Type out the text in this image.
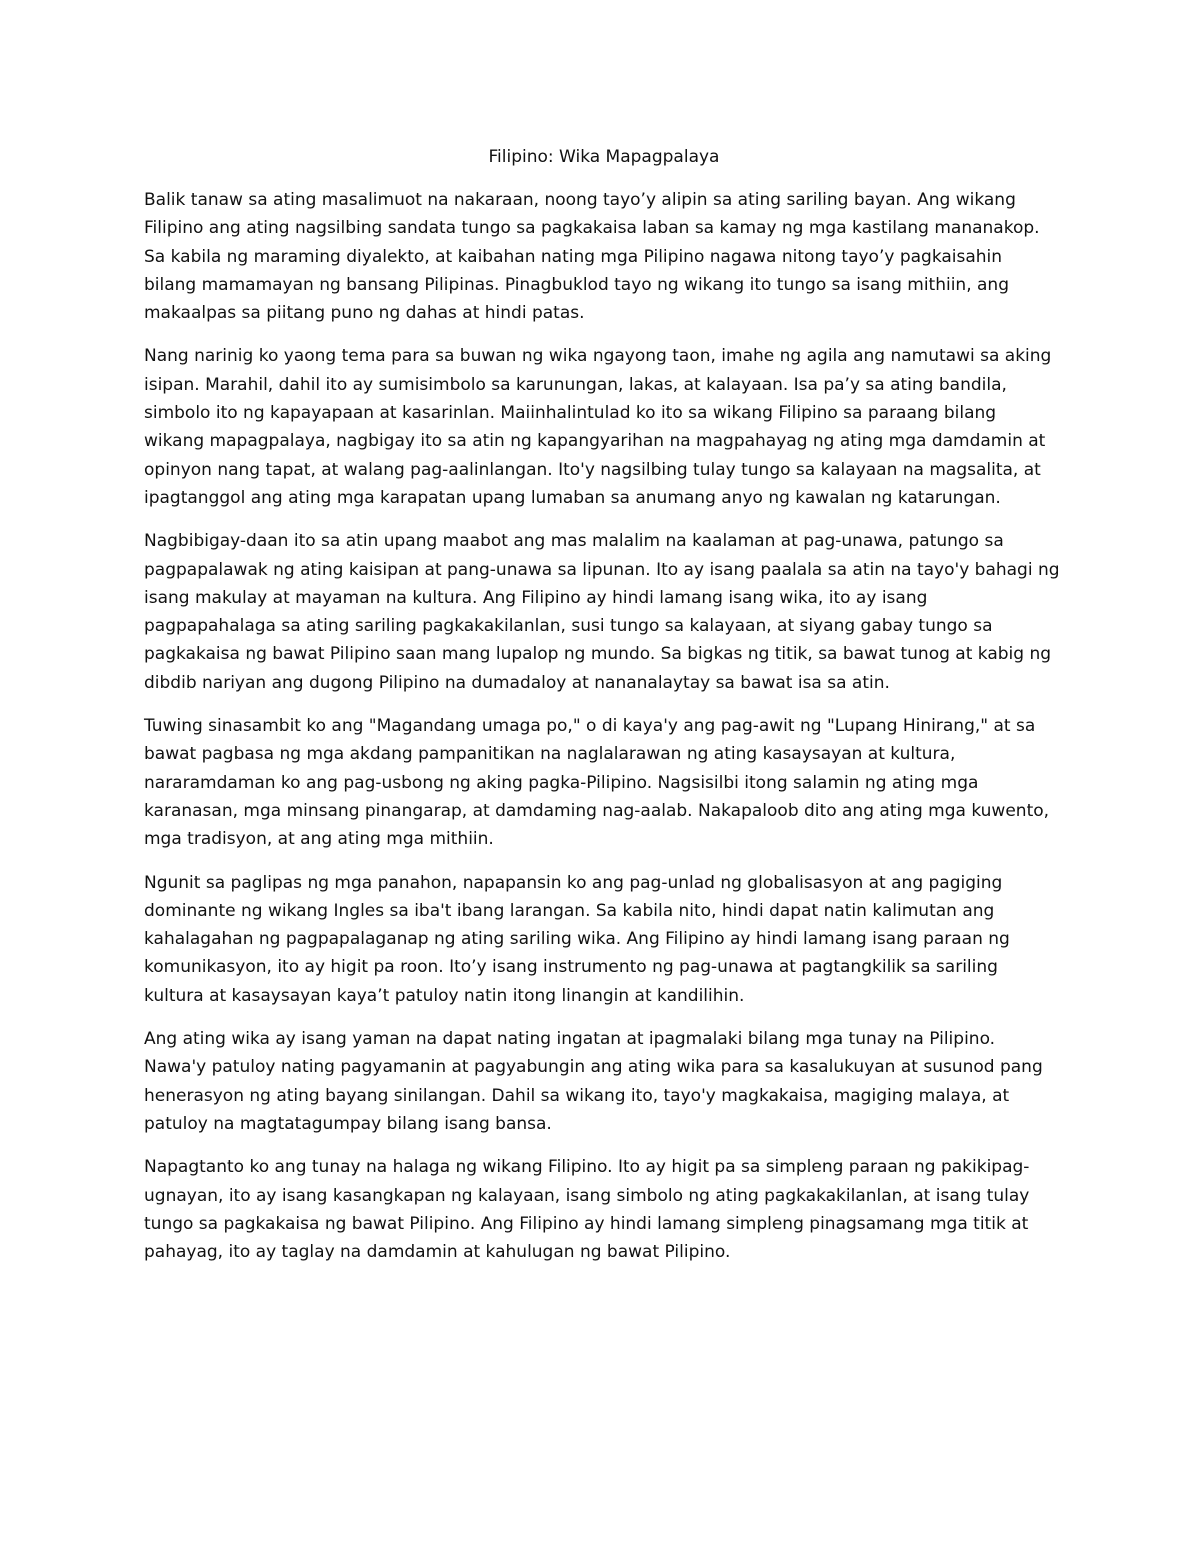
Filipino: Wika Mapagpalaya

Balik tanaw sa ating masalimuot na nakaraan, noong tayo’y alipin sa ating sariling bayan. Ang wikang
Filipino ang ating nagsilbing sandata tungo sa pagkakaisa laban sa kamay ng mga kastilang mananakop.
Sa kabila ng maraming diyalekto, at kaibahan nating mga Pilipino nagawa nitong tayo’y pagkaisahin
bilang mamamayan ng bansang Pilipinas. Pinagbuklod tayo ng wikang ito tungo sa isang mithiin, ang
makaalpas sa piitang puno ng dahas at hindi patas.

Nang narinig ko yaong tema para sa buwan ng wika ngayong taon, imahe ng agila ang namutawi sa aking
isipan. Marahil, dahil ito ay sumisimbolo sa karunungan, lakas, at kalayaan. Isa pa’y sa ating bandila,
simbolo ito ng kapayapaan at kasarinlan. Maiinhalintulad ko ito sa wikang Filipino sa paraang bilang
wikang mapagpalaya, nagbigay ito sa atin ng kapangyarihan na magpahayag ng ating mga damdamin at
opinyon nang tapat, at walang pag-aalinlangan. Ito'y nagsilbing tulay tungo sa kalayaan na magsalita, at
ipagtanggol ang ating mga karapatan upang lumaban sa anumang anyo ng kawalan ng katarungan.

Nagbibigay-daan ito sa atin upang maabot ang mas malalim na kaalaman at pag-unawa, patungo sa
pagpapalawak ng ating kaisipan at pang-unawa sa lipunan. Ito ay isang paalala sa atin na tayo'y bahagi ng
isang makulay at mayaman na kultura. Ang Filipino ay hindi lamang isang wika, ito ay isang
pagpapahalaga sa ating sariling pagkakakilanlan, susi tungo sa kalayaan, at siyang gabay tungo sa
pagkakaisa ng bawat Pilipino saan mang lupalop ng mundo. Sa bigkas ng titik, sa bawat tunog at kabig ng
dibdib nariyan ang dugong Pilipino na dumadaloy at nananalaytay sa bawat isa sa atin.

Tuwing sinasambit ko ang "Magandang umaga po," o di kaya'y ang pag-awit ng "Lupang Hinirang," at sa
bawat pagbasa ng mga akdang pampanitikan na naglalarawan ng ating kasaysayan at kultura,
nararamdaman ko ang pag-usbong ng aking pagka-Pilipino. Nagsisilbi itong salamin ng ating mga
karanasan, mga minsang pinangarap, at damdaming nag-aalab. Nakapaloob dito ang ating mga kuwento,
mga tradisyon, at ang ating mga mithiin.

Ngunit sa paglipas ng mga panahon, napapansin ko ang pag-unlad ng globalisasyon at ang pagiging
dominante ng wikang Ingles sa iba't ibang larangan. Sa kabila nito, hindi dapat natin kalimutan ang
kahalagahan ng pagpapalaganap ng ating sariling wika. Ang Filipino ay hindi lamang isang paraan ng
komunikasyon, ito ay higit pa roon. Ito’y isang instrumento ng pag-unawa at pagtangkilik sa sariling
kultura at kasaysayan kaya’t patuloy natin itong linangin at kandilihin.

Ang ating wika ay isang yaman na dapat nating ingatan at ipagmalaki bilang mga tunay na Pilipino.
Nawa'y patuloy nating pagyamanin at pagyabungin ang ating wika para sa kasalukuyan at susunod pang
henerasyon ng ating bayang sinilangan. Dahil sa wikang ito, tayo'y magkakaisa, magiging malaya, at
patuloy na magtatagumpay bilang isang bansa.

Napagtanto ko ang tunay na halaga ng wikang Filipino. Ito ay higit pa sa simpleng paraan ng pakikipag-
ugnayan, ito ay isang kasangkapan ng kalayaan, isang simbolo ng ating pagkakakilanlan, at isang tulay
tungo sa pagkakaisa ng bawat Pilipino. Ang Filipino ay hindi lamang simpleng pinagsamang mga titik at
pahayag, ito ay taglay na damdamin at kahulugan ng bawat Pilipino.
